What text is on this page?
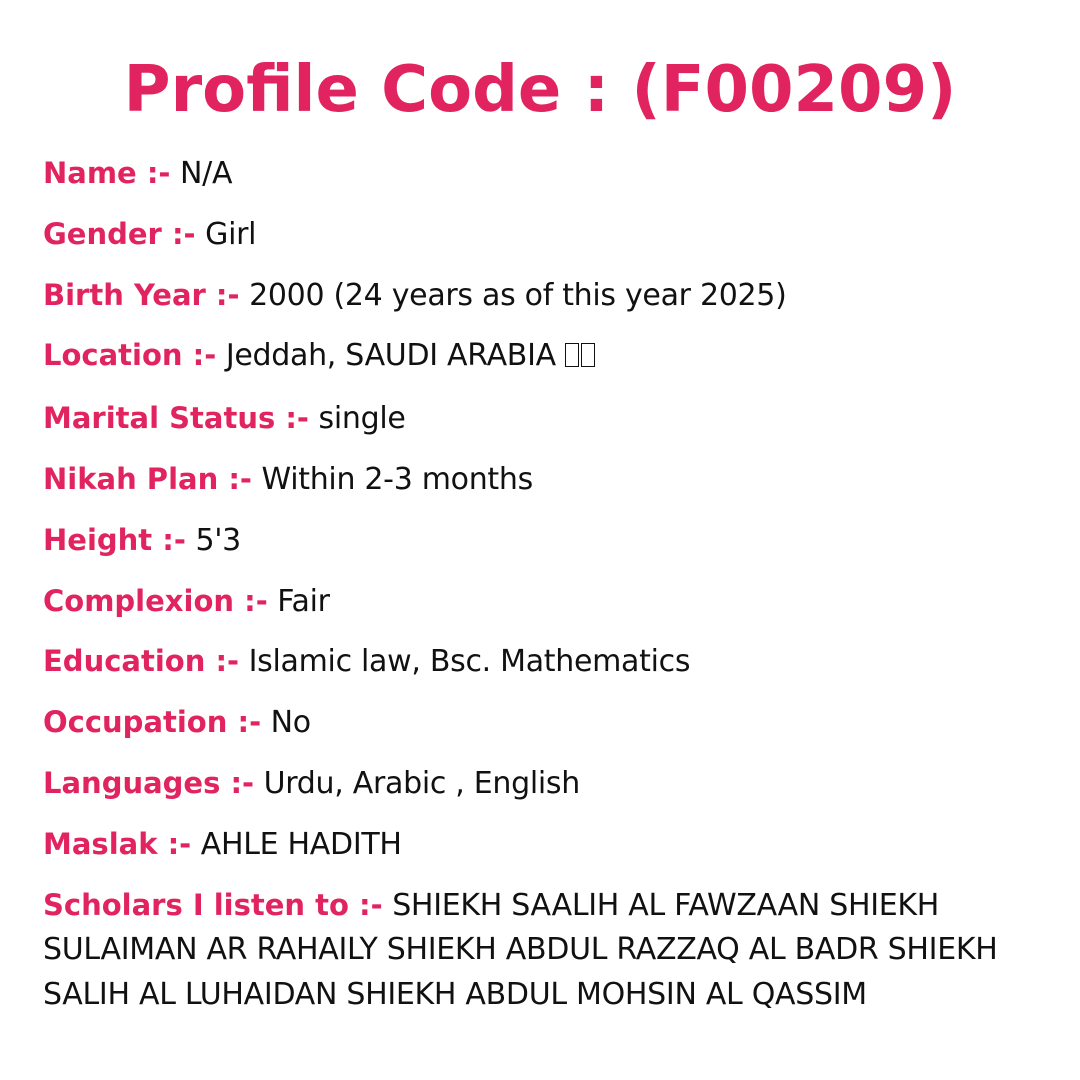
Profile Code : (F00209)
Name :- N/A
Gender :- Girl
Birth Year :- 2000 (24 years as of this year 2025)
Location :- Jeddah, SAUDI ARABIA
Marital Status :- single
Nikah Plan :- Within 2-3 months
Height :- 5'3
Complexion :- Fair
Education :- Islamic law, Bsc. Mathematics
Occupation :- No
Languages :- Urdu, Arabic , English
Maslak :- AHLE HADITH
Scholars I listen to :- SHIEKH SAALIH AL FAWZAAN SHIEKH SULAIMAN AR RAHAILY SHIEKH ABDUL RAZZAQ AL BADR SHIEKH SALIH AL LUHAIDAN SHIEKH ABDUL MOHSIN AL QASSIM
